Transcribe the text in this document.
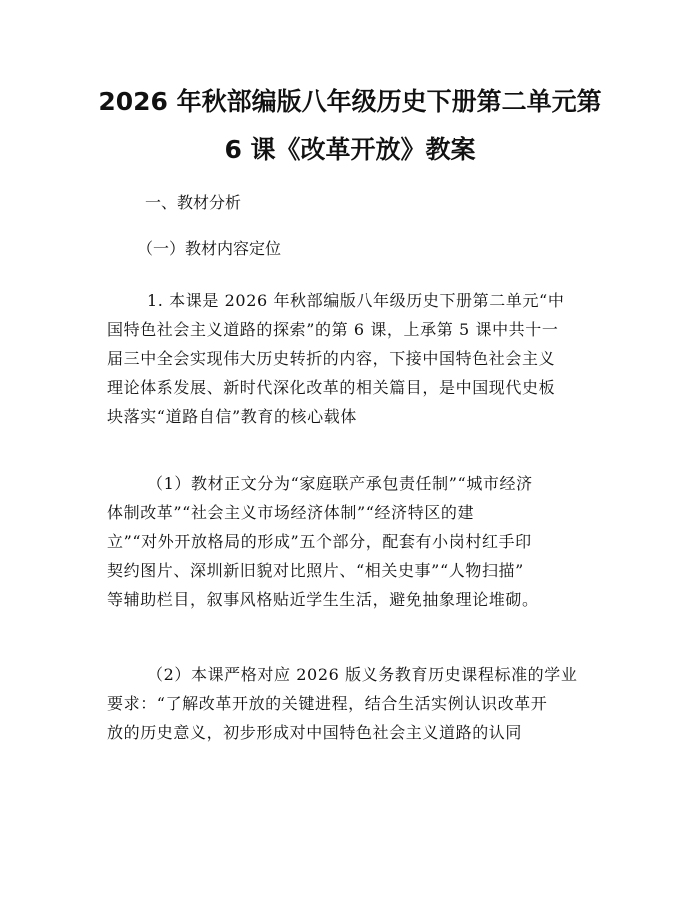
2026 年秋部编版八年级历史下册第二单元第
6 课《改革开放》教案

一、教材分析

（一）教材内容定位

1. 本课是 2026 年秋部编版八年级历史下册第二单元“中
国特色社会主义道路的探索”的第 6 课，上承第 5 课中共十一
届三中全会实现伟大历史转折的内容，下接中国特色社会主义
理论体系发展、新时代深化改革的相关篇目，是中国现代史板
块落实“道路自信”教育的核心载体
（1）教材正文分为“家庭联产承包责任制”“城市经济
体制改革”“社会主义市场经济体制”“经济特区的建
立”“对外开放格局的形成”五个部分，配套有小岗村红手印
契约图片、深圳新旧貌对比照片、“相关史事”“人物扫描”
等辅助栏目，叙事风格贴近学生生活，避免抽象理论堆砌。
（2）本课严格对应 2026 版义务教育历史课程标准的学业
要求：“了解改革开放的关键进程，结合生活实例认识改革开
放的历史意义，初步形成对中国特色社会主义道路的认同
